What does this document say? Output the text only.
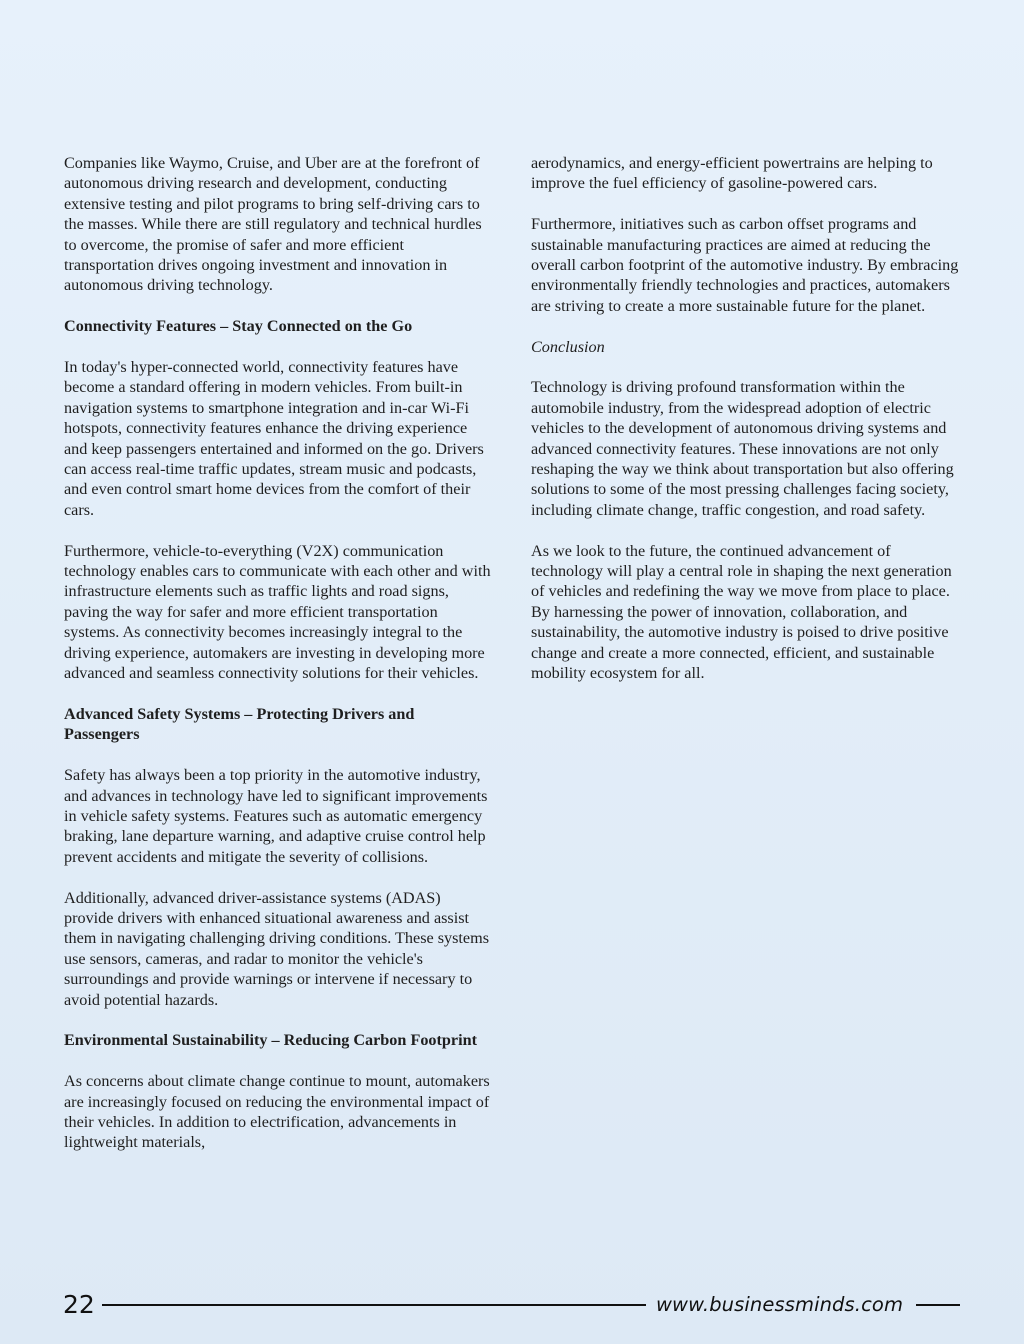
Companies like Waymo, Cruise, and Uber are at the forefront of autonomous driving research and development, conducting extensive testing and pilot programs to bring self-driving cars to the masses. While there are still regulatory and technical hurdles to overcome, the promise of safer and more efficient transportation drives ongoing investment and innovation in autonomous driving technology.

Connectivity Features – Stay Connected on the Go

In today's hyper-connected world, connectivity features have become a standard offering in modern vehicles. From built-in navigation systems to smartphone integration and in-car Wi-Fi hotspots, connectivity features enhance the driving experience and keep passengers entertained and informed on the go. Drivers can access real-time traffic updates, stream music and podcasts, and even control smart home devices from the comfort of their cars.

Furthermore, vehicle-to-everything (V2X) communication technology enables cars to communicate with each other and with infrastructure elements such as traffic lights and road signs, paving the way for safer and more efficient transportation systems. As connectivity becomes increasingly integral to the driving experience, automakers are investing in developing more advanced and seamless connectivity solutions for their vehicles.

Advanced Safety Systems – Protecting Drivers and Passengers

Safety has always been a top priority in the automotive industry, and advances in technology have led to significant improvements in vehicle safety systems. Features such as automatic emergency braking, lane departure warning, and adaptive cruise control help prevent accidents and mitigate the severity of collisions.

Additionally, advanced driver-assistance systems (ADAS) provide drivers with enhanced situational awareness and assist them in navigating challenging driving conditions. These systems use sensors, cameras, and radar to monitor the vehicle's surroundings and provide warnings or intervene if necessary to avoid potential hazards.

Environmental Sustainability – Reducing Carbon Footprint

As concerns about climate change continue to mount, automakers are increasingly focused on reducing the environmental impact of their vehicles. In addition to electrification, advancements in lightweight materials,

aerodynamics, and energy-efficient powertrains are helping to improve the fuel efficiency of gasoline-powered cars.

Furthermore, initiatives such as carbon offset programs and sustainable manufacturing practices are aimed at reducing the overall carbon footprint of the automotive industry. By embracing environmentally friendly technologies and practices, automakers are striving to create a more sustainable future for the planet.

Conclusion

Technology is driving profound transformation within the automobile industry, from the widespread adoption of electric vehicles to the development of autonomous driving systems and advanced connectivity features. These innovations are not only reshaping the way we think about transportation but also offering solutions to some of the most pressing challenges facing society, including climate change, traffic congestion, and road safety.

As we look to the future, the continued advancement of technology will play a central role in shaping the next generation of vehicles and redefining the way we move from place to place. By harnessing the power of innovation, collaboration, and sustainability, the automotive industry is poised to drive positive change and create a more connected, efficient, and sustainable mobility ecosystem for all.

22	www.businessminds.com
